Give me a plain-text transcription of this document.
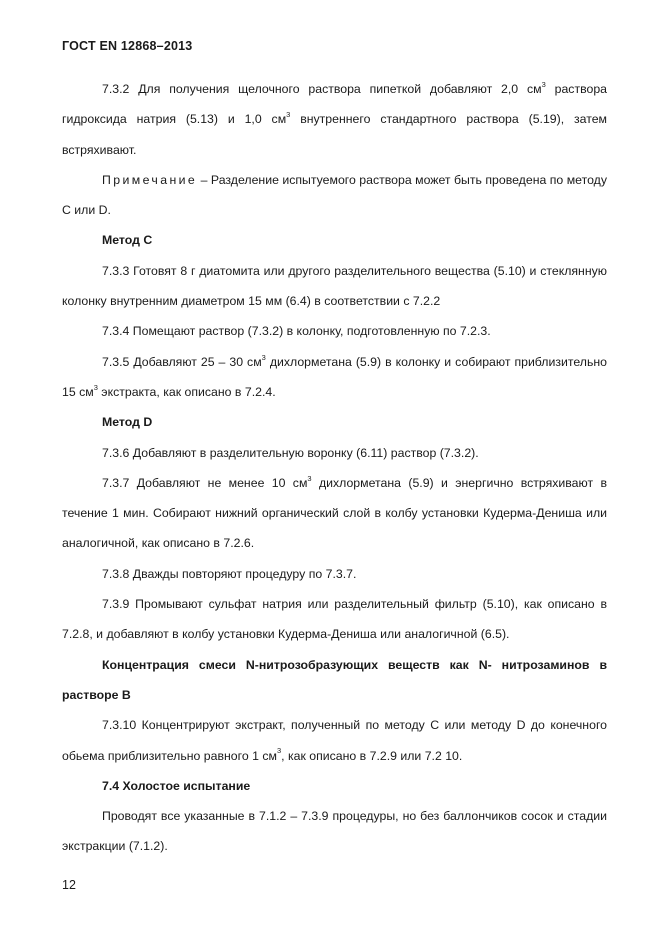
ГОСТ EN 12868–2013

7.3.2 Для получения щелочного раствора пипеткой добавляют 2,0 $см^3$ раствора гидроксида натрия (5.13) и 1,0 $см^3$ внутреннего стандартного раствора (5.19), затем встряхивают.

Примечание – Разделение испытуемого раствора может быть проведена по методу C или D.

Метод C

7.3.3 Готовят 8 г диатомита или другого разделительного вещества (5.10) и стеклянную колонку внутренним диаметром 15 мм (6.4) в соответствии с 7.2.2

7.3.4 Помещают раствор (7.3.2) в колонку, подготовленную по 7.2.3.

7.3.5 Добавляют 25 – 30 $см^3$ дихлорметана (5.9) в колонку и собирают приблизительно 15 $см^3$ экстракта, как описано в 7.2.4.

Метод D

7.3.6 Добавляют в разделительную воронку (6.11) раствор (7.3.2).

7.3.7 Добавляют не менее 10 $см^3$ дихлорметана (5.9) и энергично встряхивают в течение 1 мин. Собирают нижний органический слой в колбу установки Кудерма-Дениша или аналогичной, как описано в 7.2.6.

7.3.8 Дважды повторяют процедуру по 7.3.7.

7.3.9 Промывают сульфат натрия или разделительный фильтр (5.10), как описано в 7.2.8, и добавляют в колбу установки Кудерма-Дениша или аналогичной (6.5).

Концентрация смеси N-нитрозобразующих веществ как N- нитрозаминов в растворе B

7.3.10 Концентрируют экстракт, полученный по методу C или методу D до конечного обьема приблизительно равного 1 $см^3$, как описано в 7.2.9 или 7.2 10.

7.4 Холостое испытание

Проводят все указанные в 7.1.2 – 7.3.9 процедуры, но без баллончиков сосок и стадии экстракции (7.1.2).

12
